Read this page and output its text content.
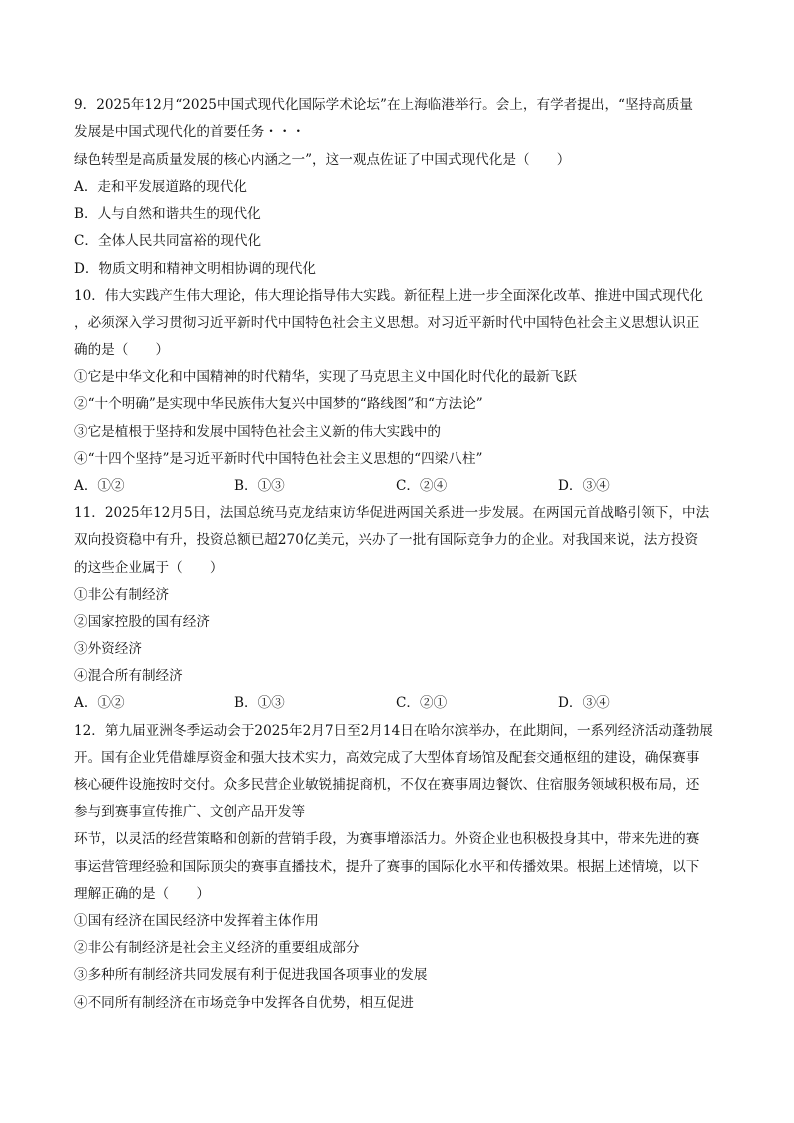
9．2025年12月“2025中国式现代化国际学术论坛”在上海临港举行。会上，有学者提出，“坚持高质量
发展是中国式现代化的首要任务・・・
绿色转型是高质量发展的核心内涵之一”，这一观点佐证了中国式现代化是（　　）
A．走和平发展道路的现代化
B．人与自然和谐共生的现代化
C．全体人民共同富裕的现代化
D．物质文明和精神文明相协调的现代化
10．伟大实践产生伟大理论，伟大理论指导伟大实践。新征程上进一步全面深化改革、推进中国式现代化
，必须深入学习贯彻习近平新时代中国特色社会主义思想。对习近平新时代中国特色社会主义思想认识正
确的是（　　）
①它是中华文化和中国精神的时代精华，实现了马克思主义中国化时代化的最新飞跃
②“十个明确”是实现中华民族伟大复兴中国梦的“路线图”和“方法论”
③它是植根于坚持和发展中国特色社会主义新的伟大实践中的
④“十四个坚持”是习近平新时代中国特色社会主义思想的“四梁八柱”
A．①②	B．①③	C．②④	D．③④
11．2025年12月5日，法国总统马克龙结束访华促进两国关系进一步发展。在两国元首战略引领下，中法
双向投资稳中有升，投资总额已超270亿美元，兴办了一批有国际竞争力的企业。对我国来说，法方投资
的这些企业属于（　　）
①非公有制经济
②国家控股的国有经济
③外资经济
④混合所有制经济
A．①②	B．①③	C．②①	D．③④
12．第九届亚洲冬季运动会于2025年2月7日至2月14日在哈尔滨举办，在此期间，一系列经济活动蓬勃展
开。国有企业凭借雄厚资金和强大技术实力，高效完成了大型体育场馆及配套交通枢纽的建设，确保赛事
核心硬件设施按时交付。众多民营企业敏锐捕捉商机，不仅在赛事周边餐饮、住宿服务领域积极布局，还
参与到赛事宣传推广、文创产品开发等
环节，以灵活的经营策略和创新的营销手段，为赛事增添活力。外资企业也积极投身其中，带来先进的赛
事运营管理经验和国际顶尖的赛事直播技术，提升了赛事的国际化水平和传播效果。根据上述情境，以下
理解正确的是（　　）
①国有经济在国民经济中发挥着主体作用
②非公有制经济是社会主义经济的重要组成部分
③多种所有制经济共同发展有利于促进我国各项事业的发展
④不同所有制经济在市场竞争中发挥各自优势，相互促进
